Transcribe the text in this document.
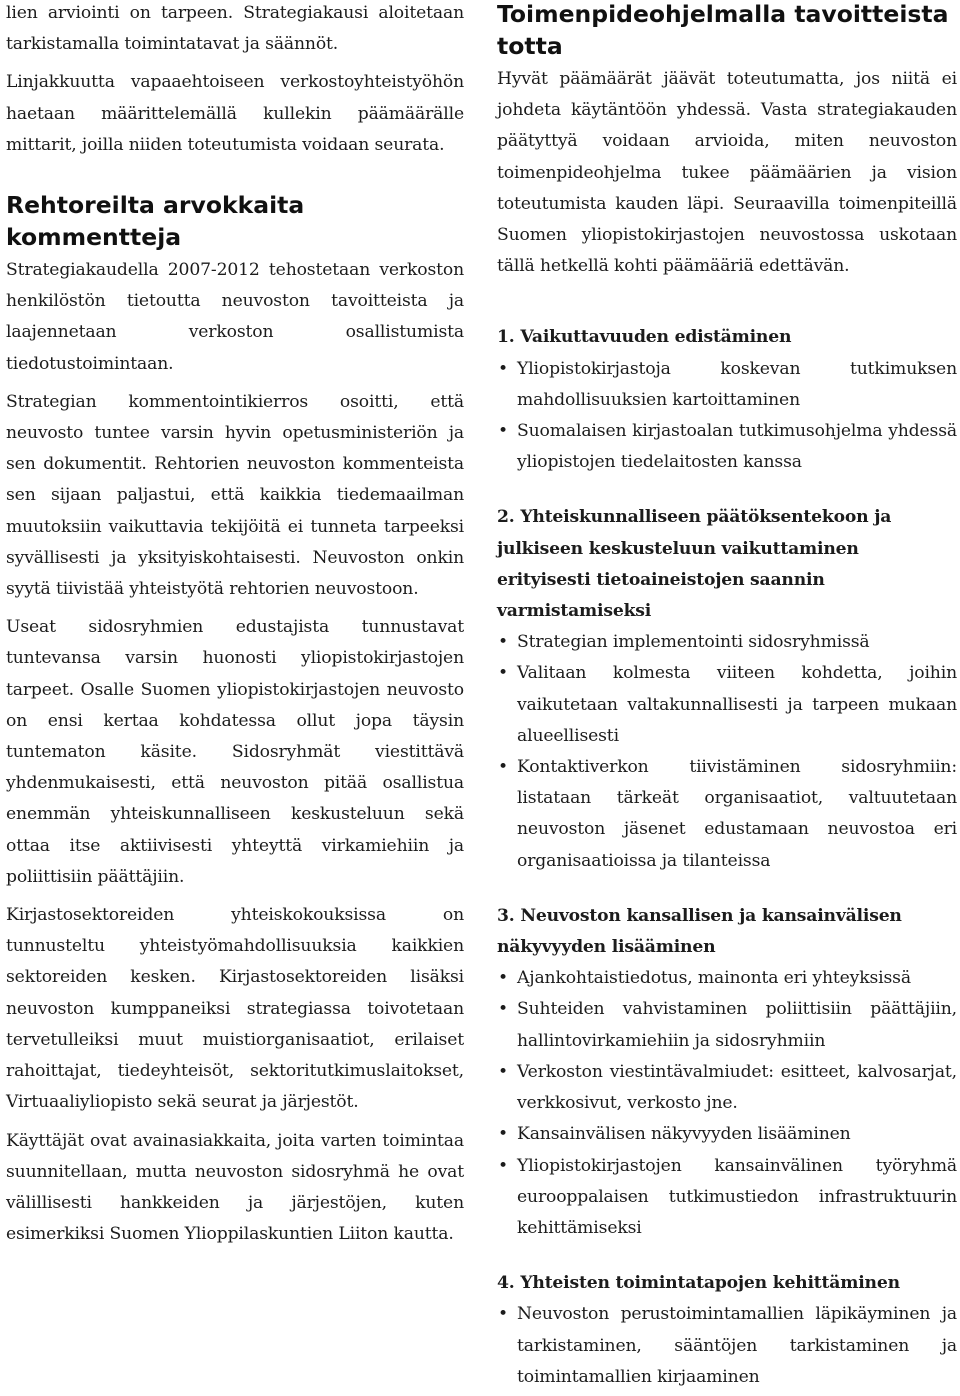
lien arviointi on tarpeen. Strategiakausi aloitetaan tarkistamalla toimintatavat ja säännöt.

Linjakkuutta vapaaehtoiseen verkostoyhteistyöhön haetaan määrittelemällä kullekin päämäärälle mittarit, joilla niiden toteutumista voidaan seurata.

Rehtoreilta arvokkaita kommentteja

Strategiakaudella 2007-2012 tehostetaan verkoston henkilöstön tietoutta neuvoston tavoitteista ja laajennetaan verkoston osallistumista tiedotustoimintaan.

Strategian kommentointikierros osoitti, että neuvosto tuntee varsin hyvin opetusministeriön ja sen dokumentit. Rehtorien neuvoston kommenteista sen sijaan paljastui, että kaikkia tiedemaailman muutoksiin vaikuttavia tekijöitä ei tunneta tarpeeksi syvällisesti ja yksityiskohtaisesti. Neuvoston onkin syytä tiivistää yhteistyötä rehtorien neuvostoon.

Useat sidosryhmien edustajista tunnustavat tuntevansa varsin huonosti yliopistokirjastojen tarpeet. Osalle Suomen yliopistokirjastojen neuvosto on ensi kertaa kohdatessa ollut jopa täysin tuntematon käsite. Sidosryhmät viestittävä yhdenmukaisesti, että neuvoston pitää osallistua enemmän yhteiskunnalliseen keskusteluun sekä ottaa itse aktiivisesti yhteyttä virkamiehiin ja poliittisiin päättäjiin.

Kirjastosektoreiden yhteiskokouksissa on tunnusteltu yhteistyömahdollisuuksia kaikkien sektoreiden kesken. Kirjastosektoreiden lisäksi neuvoston kumppaneiksi strategiassa toivotetaan tervetulleiksi muut muistiorganisaatiot, erilaiset rahoittajat, tiedeyhteisöt, sektoritutkimuslaitokset, Virtuaaliyliopisto sekä seurat ja järjestöt.

Käyttäjät ovat avainasiakkaita, joita varten toimintaa suunnitellaan, mutta neuvoston sidosryhmä he ovat välillisesti hankkeiden ja järjestöjen, kuten esimerkiksi Suomen Ylioppilaskuntien Liiton kautta.

Toimenpideohjelmalla tavoitteista totta

Hyvät päämäärät jäävät toteutumatta, jos niitä ei johdeta käytäntöön yhdessä. Vasta strategiakauden päätyttyä voidaan arvioida, miten neuvoston toimenpideohjelma tukee päämäärien ja vision toteutumista kauden läpi. Seuraavilla toimenpiteillä Suomen yliopistokirjastojen neuvostossa uskotaan tällä hetkellä kohti päämääriä edettävän.

1. Vaikuttavuuden edistäminen
• Yliopistokirjastoja koskevan tutkimuksen mahdollisuuksien kartoittaminen
• Suomalaisen kirjastoalan tutkimusohjelma yhdessä yliopistojen tiedelaitosten kanssa
2. Yhteiskunnalliseen päätöksentekoon ja julkiseen keskusteluun vaikuttaminen erityisesti tietoaineistojen saannin varmistamiseksi
• Strategian implementointi sidosryhmissä
• Valitaan kolmesta viiteen kohdetta, joihin vaikutetaan valtakunnallisesti ja tarpeen mukaan alueellisesti
• Kontaktiverkon tiivistäminen sidosryhmiin: listataan tärkeät organisaatiot, valtuutetaan neuvoston jäsenet edustamaan neuvostoa eri organisaatioissa ja tilanteissa
3. Neuvoston kansallisen ja kansainvälisen näkyvyyden lisääminen
• Ajankohtaistiedotus, mainonta eri yhteyksissä
• Suhteiden vahvistaminen poliittisiin päättäjiin, hallintovirkamiehiin ja sidosryhmiin
• Verkoston viestintävalmiudet: esitteet, kalvosarjat, verkkosivut, verkosto jne.
• Kansainvälisen näkyvyyden lisääminen
• Yliopistokirjastojen kansainvälinen työryhmä eurooppalaisen tutkimustiedon infrastruktuurin kehittämiseksi
4. Yhteisten toimintatapojen kehittäminen
• Neuvoston perustoimintamallien läpikäyminen ja tarkistaminen, sääntöjen tarkistaminen ja toimintamallien kirjaaminen
